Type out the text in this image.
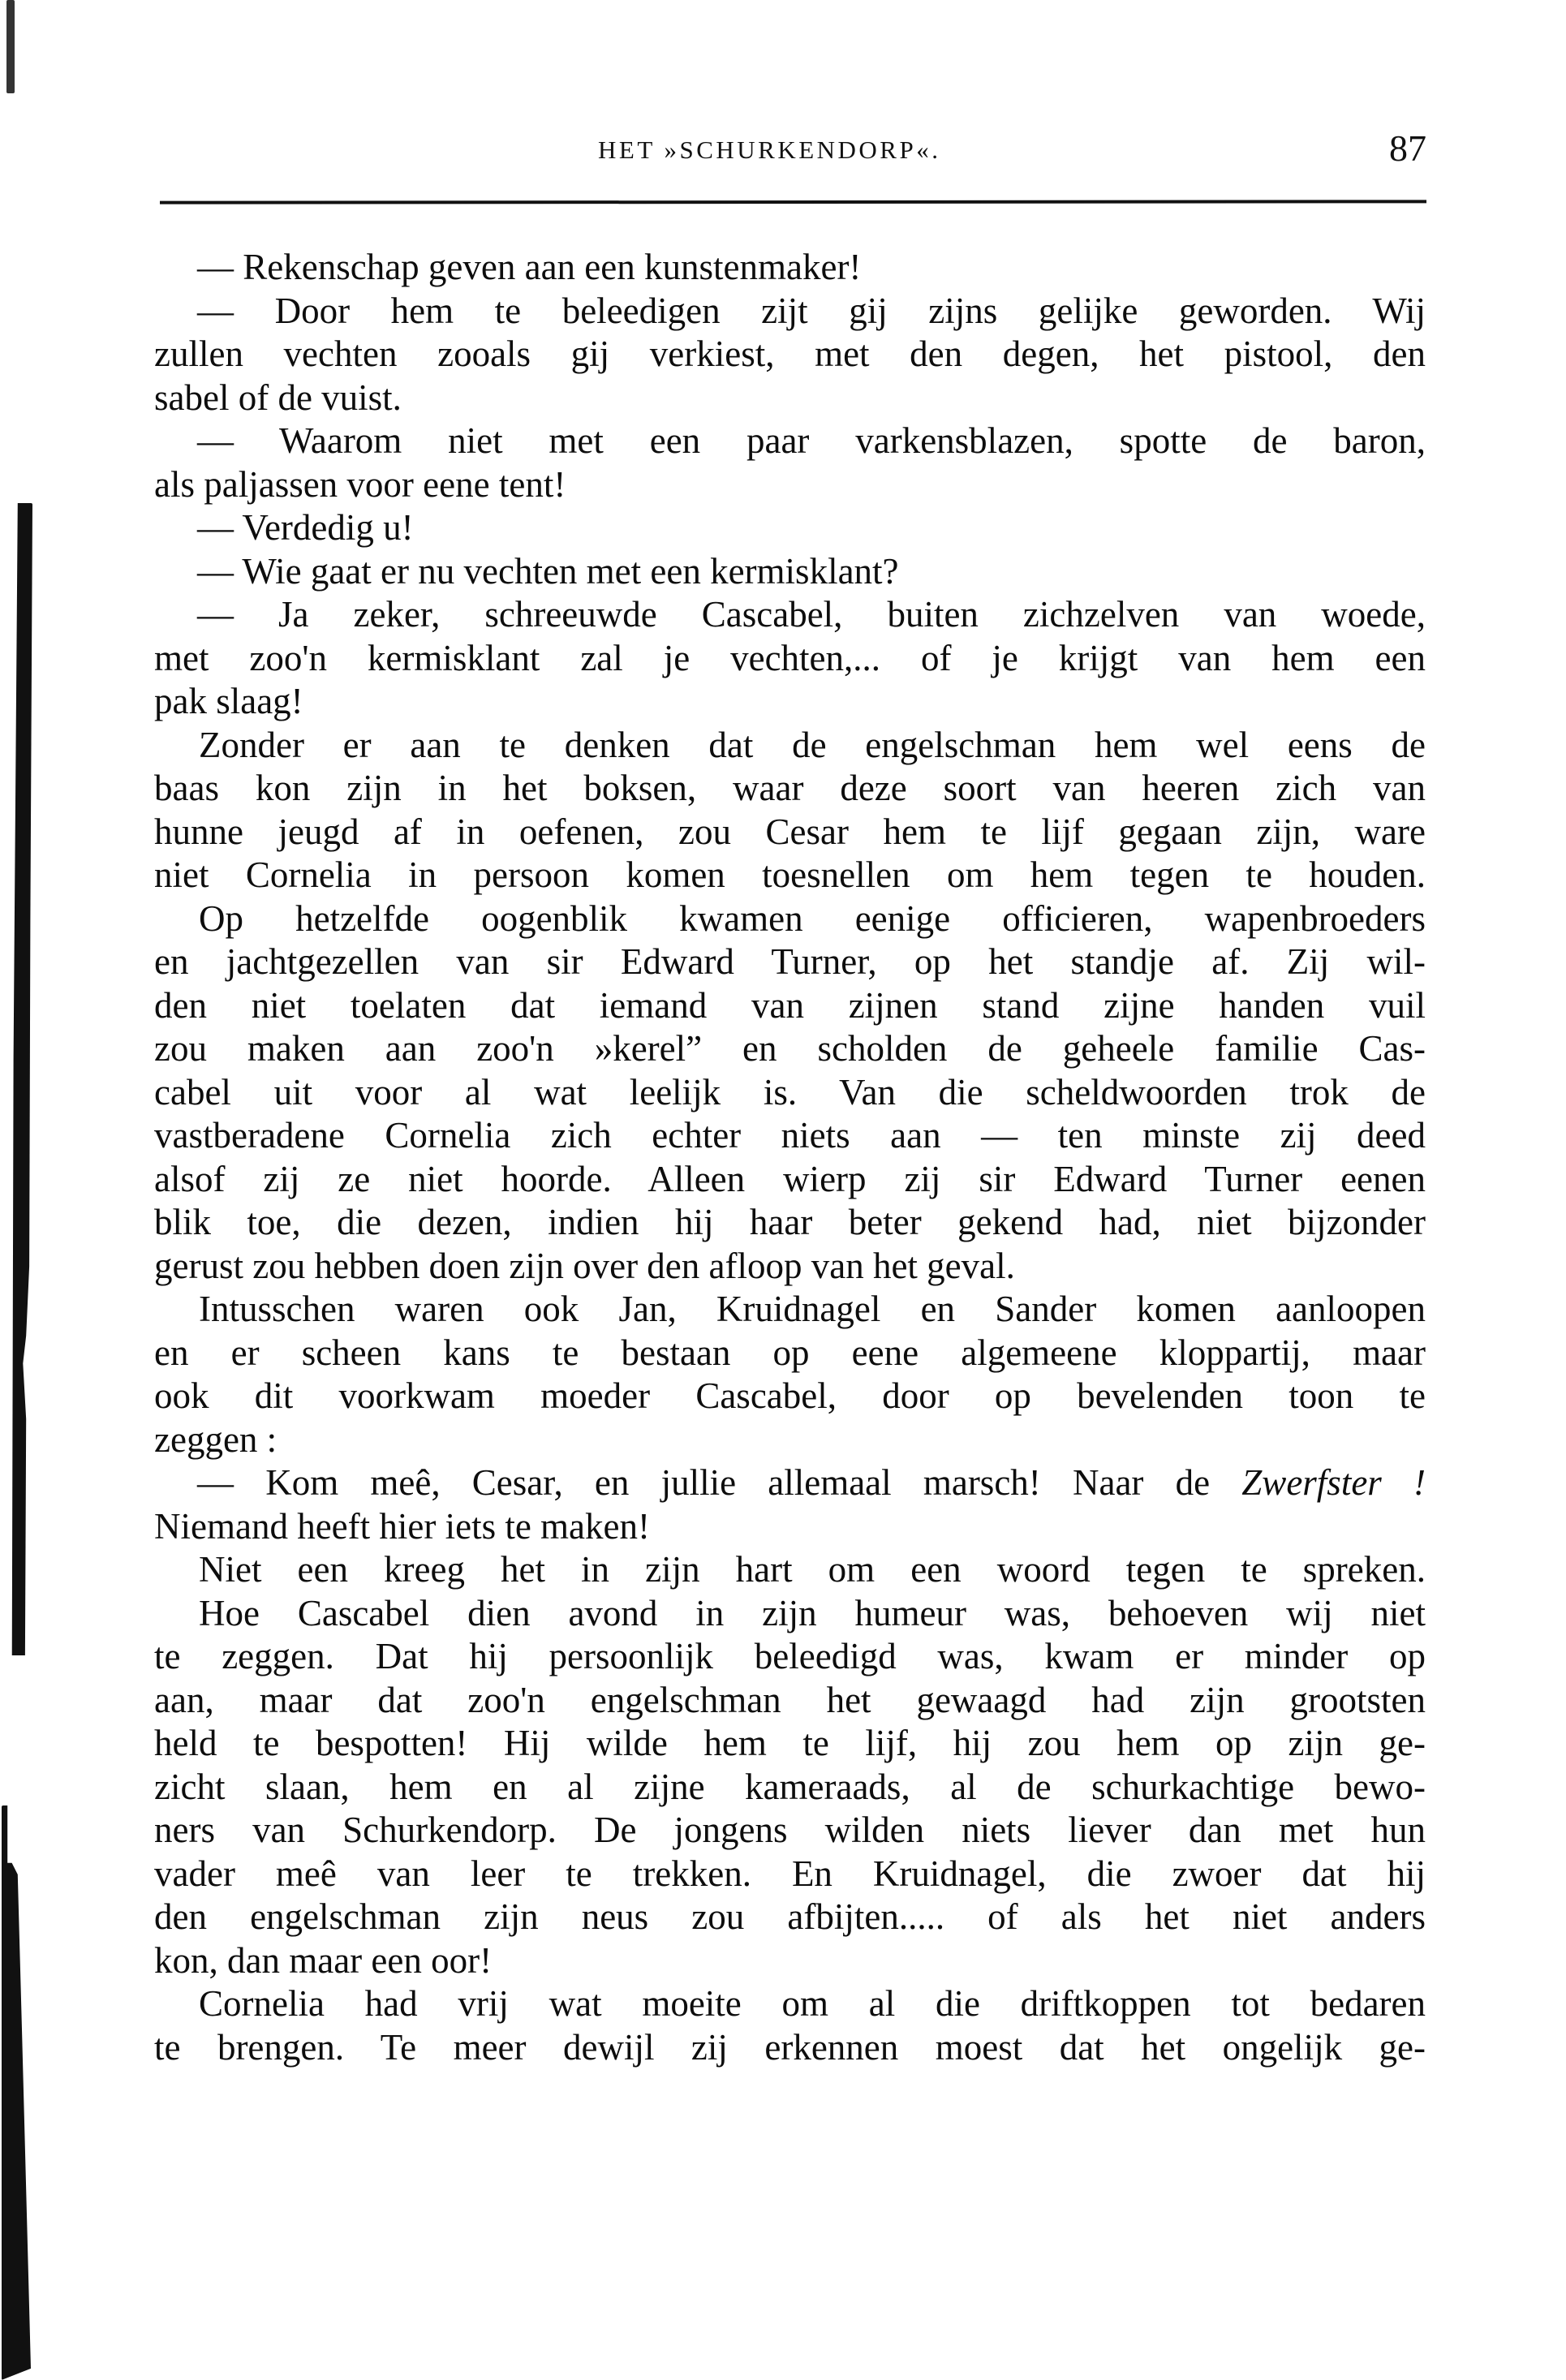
HET »SCHURKENDORP«.	87
— Rekenschap geven aan een kunstenmaker!
— Door hem te beleedigen zijt gij zijns gelijke geworden. Wij
zullen vechten zooals gij verkiest, met den degen, het pistool, den
sabel of de vuist.
— Waarom niet met een paar varkensblazen, spotte de baron,
als paljassen voor eene tent!
— Verdedig u!
— Wie gaat er nu vechten met een kermisklant?
— Ja zeker, schreeuwde Cascabel, buiten zichzelven van woede,
met zoo'n kermisklant zal je vechten,... of je krijgt van hem een
pak slaag!
Zonder er aan te denken dat de engelschman hem wel eens de
baas kon zijn in het boksen, waar deze soort van heeren zich van
hunne jeugd af in oefenen, zou Cesar hem te lijf gegaan zijn, ware
niet Cornelia in persoon komen toesnellen om hem tegen te houden.
Op hetzelfde oogenblik kwamen eenige officieren, wapenbroeders
en jachtgezellen van sir Edward Turner, op het standje af. Zij wil-
den niet toelaten dat iemand van zijnen stand zijne handen vuil
zou maken aan zoo'n »kerel” en scholden de geheele familie Cas-
cabel uit voor al wat leelijk is. Van die scheldwoorden trok de
vastberadene Cornelia zich echter niets aan — ten minste zij deed
alsof zij ze niet hoorde. Alleen wierp zij sir Edward Turner eenen
blik toe, die dezen, indien hij haar beter gekend had, niet bijzonder
gerust zou hebben doen zijn over den afloop van het geval.
Intusschen waren ook Jan, Kruidnagel en Sander komen aanloopen
en er scheen kans te bestaan op eene algemeene kloppartij, maar
ook dit voorkwam moeder Cascabel, door op bevelenden toon te
zeggen :
— Kom meê, Cesar, en jullie allemaal marsch! Naar de Zwerfster !
Niemand heeft hier iets te maken!
Niet een kreeg het in zijn hart om een woord tegen te spreken.
Hoe Cascabel dien avond in zijn humeur was, behoeven wij niet
te zeggen. Dat hij persoonlijk beleedigd was, kwam er minder op
aan, maar dat zoo'n engelschman het gewaagd had zijn grootsten
held te bespotten! Hij wilde hem te lijf, hij zou hem op zijn ge-
zicht slaan, hem en al zijne kameraads, al de schurkachtige bewo-
ners van Schurkendorp. De jongens wilden niets liever dan met hun
vader meê van leer te trekken. En Kruidnagel, die zwoer dat hij
den engelschman zijn neus zou afbijten..... of als het niet anders
kon, dan maar een oor!
Cornelia had vrij wat moeite om al die driftkoppen tot bedaren
te brengen. Te meer dewijl zij erkennen moest dat het ongelijk ge-
